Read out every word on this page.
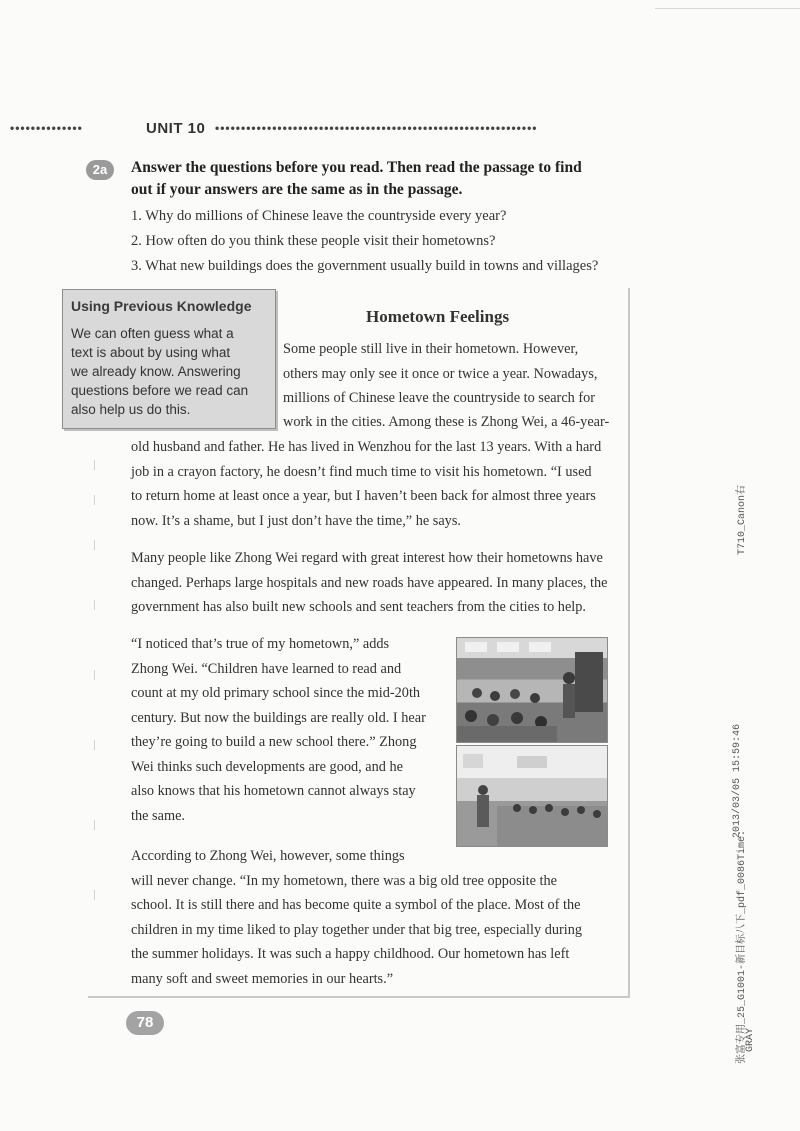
••••••••••••••	UNIT 10 ••••••••••••••••••••••••••••••••••••••••••••••••••••••••••••••
2a	Answer the questions before you read. Then read the passage to find
out if your answers are the same as in the passage.
1. Why do millions of Chinese leave the countryside every year?
2. How often do you think these people visit their hometowns?
3. What new buildings does the government usually build in towns and villages?
Using Previous Knowledge
We can often guess what a
text is about by using what
we already know. Answering
questions before we read can
also help us do this.
Hometown Feelings
Some people still live in their hometown. However,
others may only see it once or twice a year. Nowadays,
millions of Chinese leave the countryside to search for
work in the cities. Among these is Zhong Wei, a 46-year-
old husband and father. He has lived in Wenzhou for the last 13 years. With a hard
job in a crayon factory, he doesn’t find much time to visit his hometown. “I used
to return home at least once a year, but I haven’t been back for almost three years
now. It’s a shame, but I just don’t have the time,” he says.
Many people like Zhong Wei regard with great interest how their hometowns have
changed. Perhaps large hospitals and new roads have appeared. In many places, the
government has also built new schools and sent teachers from the cities to help.
“I noticed that’s true of my hometown,” adds
Zhong Wei. “Children have learned to read and
count at my old primary school since the mid-20th
century. But now the buildings are really old. I hear
they’re going to build a new school there.” Zhong
Wei thinks such developments are good, and he
also knows that his hometown cannot always stay
the same.
According to Zhong Wei, however, some things
will never change. “In my hometown, there was a big old tree opposite the
school. It is still there and has become quite a symbol of the place. Most of the
children in my time liked to play together under that big tree, especially during
the summer holidays. It was such a happy childhood. Our hometown has left
many soft and sweet memories in our hearts.”
78
T710_Canon右
2013/03/05 15:59:46
张富专用_25_G1001-新目标八下_pdf_0086Time:
GRAY
